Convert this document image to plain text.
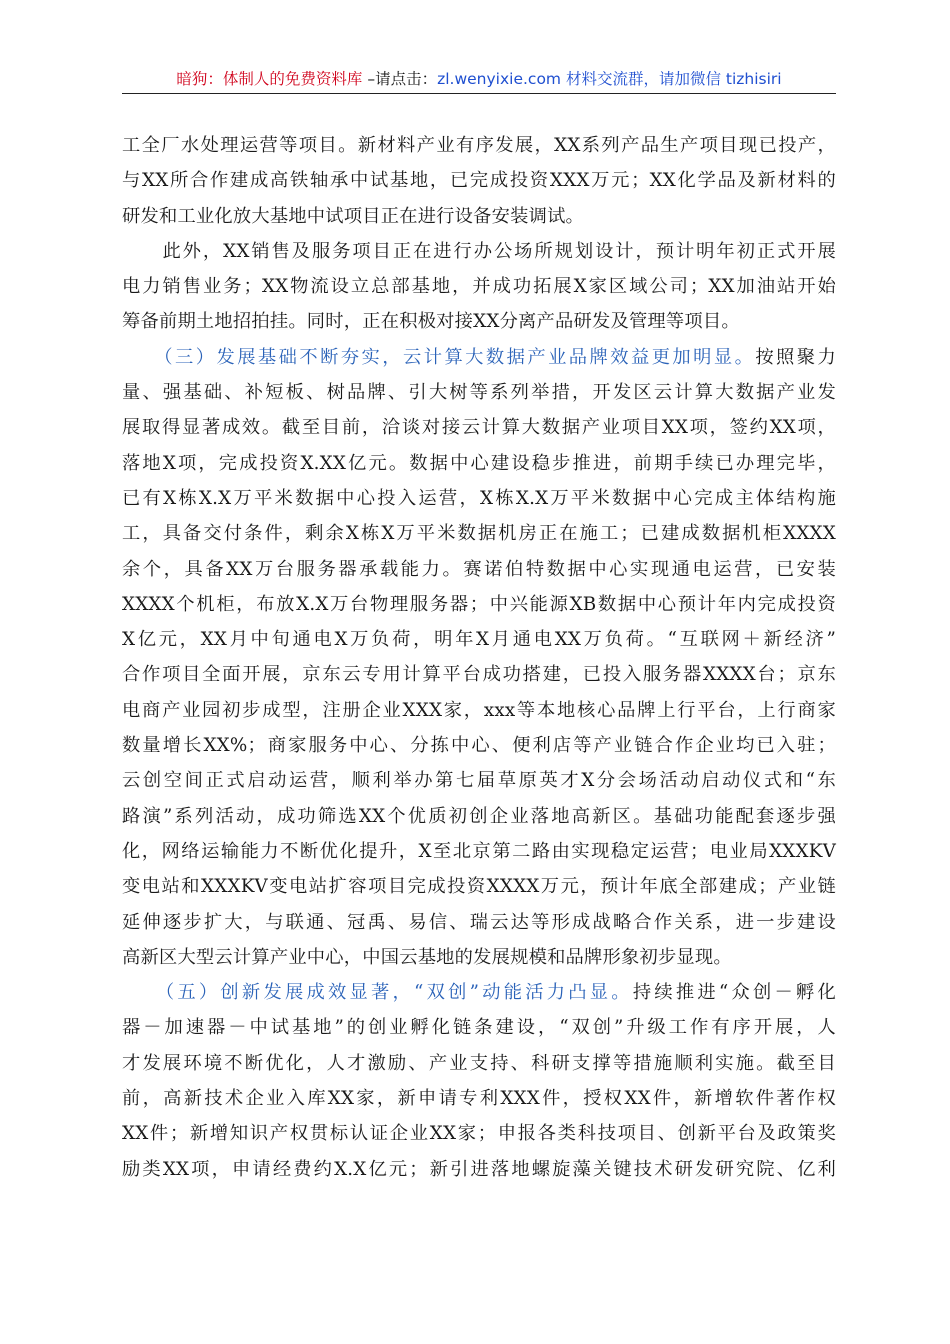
暗狗：体制人的免费资料库 –请点击：zl.wenyixie.com 材料交流群，请加微信 tizhisiri
工全厂水处理运营等项目。新材料产业有序发展，XX系列产品生产项目现已投产，
与XX所合作建成高铁轴承中试基地，已完成投资XXX万元；XX化学品及新材料的
研发和工业化放大基地中试项目正在进行设备安装调试。
　　此外，XX销售及服务项目正在进行办公场所规划设计，预计明年初正式开展
电力销售业务；XX物流设立总部基地，并成功拓展X家区域公司；XX加油站开始
筹备前期土地招拍挂。同时，正在积极对接XX分离产品研发及管理等项目。
　　（三）发展基础不断夯实，云计算大数据产业品牌效益更加明显。按照聚力
量、强基础、补短板、树品牌、引大树等系列举措，开发区云计算大数据产业发
展取得显著成效。截至目前，洽谈对接云计算大数据产业项目XX项，签约XX项，
落地X项，完成投资X.XX亿元。数据中心建设稳步推进，前期手续已办理完毕，
已有X栋X.X万平米数据中心投入运营，X栋X.X万平米数据中心完成主体结构施
工，具备交付条件，剩余X栋X万平米数据机房正在施工；已建成数据机柜XXXX
余个，具备XX万台服务器承载能力。赛诺伯特数据中心实现通电运营，已安装
XXXX个机柜，布放X.X万台物理服务器；中兴能源XB数据中心预计年内完成投资
X亿元，XX月中旬通电X万负荷，明年X月通电XX万负荷。“互联网＋新经济”
合作项目全面开展，京东云专用计算平台成功搭建，已投入服务器XXXX台；京东
电商产业园初步成型，注册企业XXX家，xxx等本地核心品牌上行平台，上行商家
数量增长XX%；商家服务中心、分拣中心、便利店等产业链合作企业均已入驻；
云创空间正式启动运营，顺利举办第七届草原英才X分会场活动启动仪式和“东
路演”系列活动，成功筛选XX个优质初创企业落地高新区。基础功能配套逐步强
化，网络运输能力不断优化提升，X至北京第二路由实现稳定运营；电业局XXXKV
变电站和XXXKV变电站扩容项目完成投资XXXX万元，预计年底全部建成；产业链
延伸逐步扩大，与联通、冠禹、易信、瑞云达等形成战略合作关系，进一步建设
高新区大型云计算产业中心，中国云基地的发展规模和品牌形象初步显现。
　　（五）创新发展成效显著，“双创”动能活力凸显。持续推进“众创－孵化
器－加速器－中试基地”的创业孵化链条建设，“双创”升级工作有序开展，人
才发展环境不断优化，人才激励、产业支持、科研支撑等措施顺利实施。截至目
前，高新技术企业入库XX家，新申请专利XXX件，授权XX件，新增软件著作权
XX件；新增知识产权贯标认证企业XX家；申报各类科技项目、创新平台及政策奖
励类XX项，申请经费约X.X亿元；新引进落地螺旋藻关键技术研发研究院、亿利
